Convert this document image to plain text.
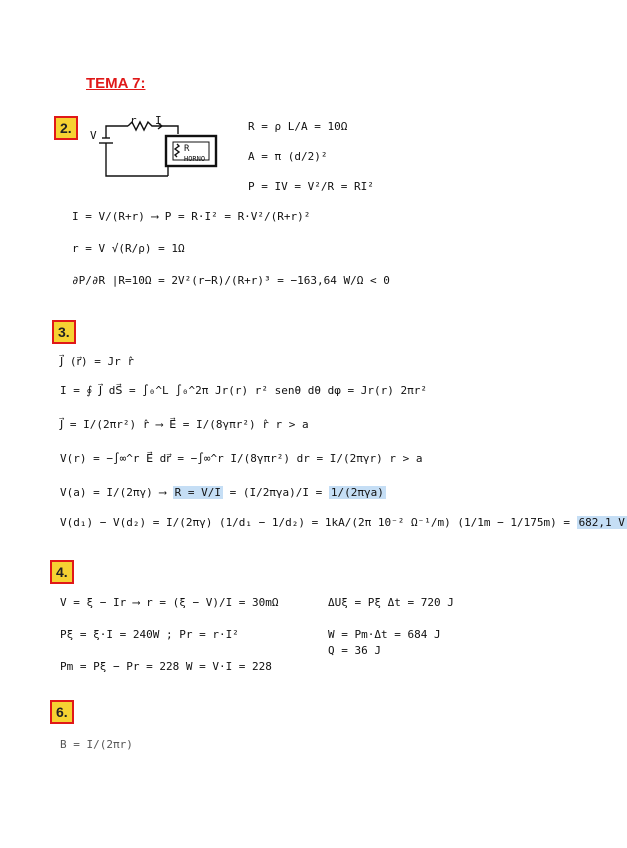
TEMA 7:
2.	V
r I
R
HORNO
R = ρ L/A = 10Ω
A = π (d/2)²
P = IV = V²/R = RI²
I = V/(R+r) ⟶ P = R·I² = R·V²/(R+r)²
r = V √(R/ρ) = 1Ω
∂P/∂R |R=10Ω = 2V²(r−R)/(R+r)³ = −163,64 W/Ω < 0
3.
J⃗ (r⃗) = Jr r̂
I = ∮ J⃗ dS⃗ = ∫₀^L ∫₀^2π Jr(r) r² senθ dθ dφ = Jr(r) 2πr²
J⃗ = I/(2πr²) r̂ ⟶ E⃗ = I/(8γπr²) r̂ r > a
V(r) = −∫∞^r E⃗ dr⃗ = −∫∞^r I/(8γπr²) dr = I/(2πγr) r > a
V(a) = I/(2πγ) ⟶ R = V/I = (I/2πγa)/I = 1/(2πγa)
V(d₁) − V(d₂) = I/(2πγ) (1/d₁ − 1/d₂) = 1kA/(2π 10⁻² Ω⁻¹/m) (1/1m − 1/175m) = 682,1 V
4.
V = ξ − Ir ⟶ r = (ξ − V)/I = 30mΩ
Pξ = ξ·I = 240W ; Pr = r·I²
Pm = Pξ − Pr = 228 W = V·I = 228
ΔUξ = Pξ Δt = 720 J
W = Pm·Δt = 684 J
Q = 36 J
6.
B = I/(2πr)
